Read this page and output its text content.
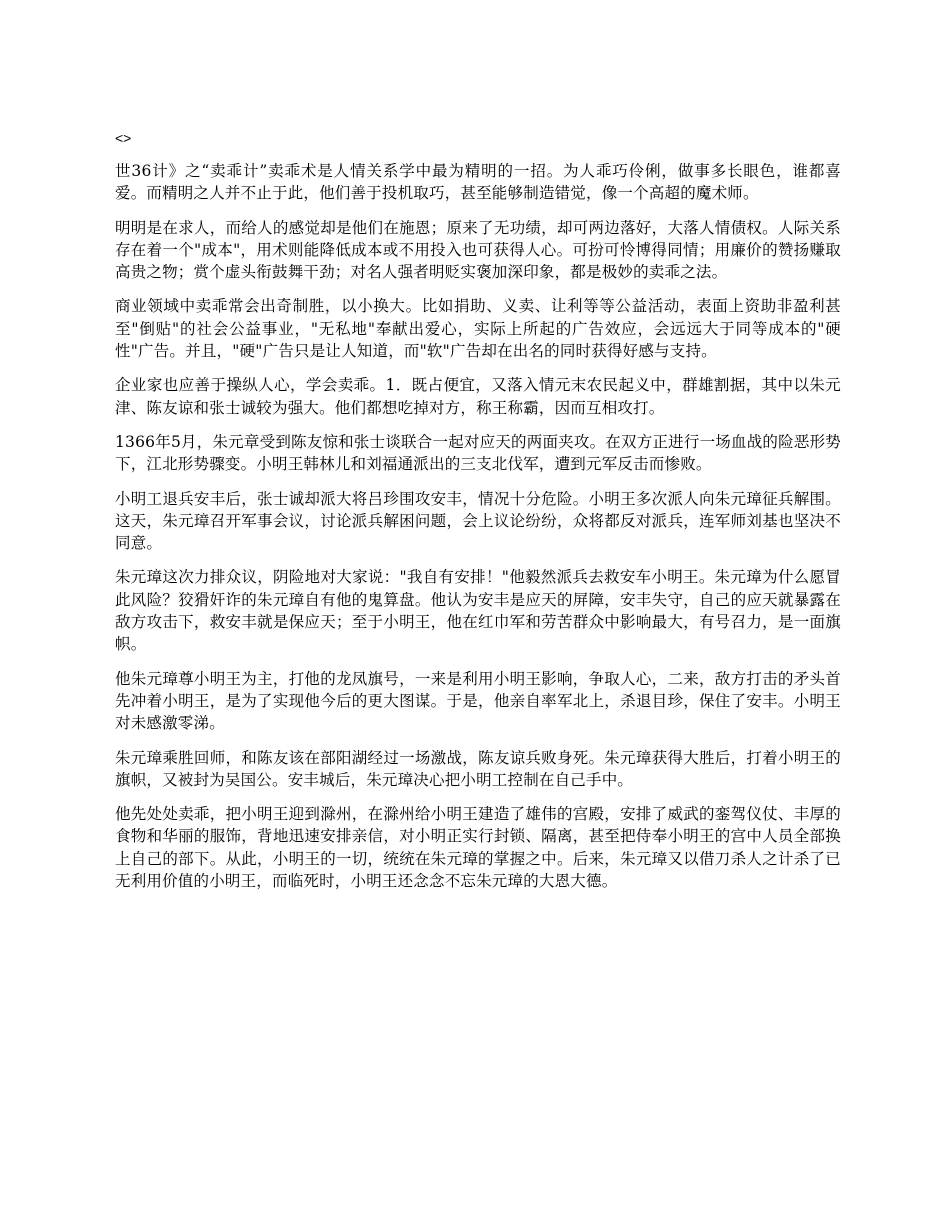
<>

世36计》之“卖乖计”卖乖术是人情关系学中最为精明的一招。为人乖巧伶俐，做事多长眼色，谁都喜爱。而精明之人并不止于此，他们善于投机取巧，甚至能够制造错觉，像一个高超的魔术师。

明明是在求人，而给人的感觉却是他们在施恩；原来了无功绩，却可两边落好，大落人情债权。人际关系存在着一个"成本"，用术则能降低成本或不用投入也可获得人心。可扮可怜博得同情；用廉价的赞扬赚取高贵之物；赏个虚头衔鼓舞干劲；对名人强者明贬实褒加深印象，都是极妙的卖乖之法。

商业领域中卖乖常会出奇制胜，以小换大。比如捐助、义卖、让利等等公益活动，表面上资助非盈利甚至"倒贴"的社会公益事业，"无私地"奉献出爱心，实际上所起的广告效应，会远远大于同等成本的"硬性"广告。并且，"硬"广告只是让人知道，而"软"广告却在出名的同时获得好感与支持。

企业家也应善于操纵人心，学会卖乖。1．既占便宜，又落入情元末农民起义中，群雄割据，其中以朱元津、陈友谅和张士诚较为强大。他们都想吃掉对方，称王称霸，因而互相攻打。

1366年5月，朱元章受到陈友惊和张士谈联合一起对应天的两面夹攻。在双方正进行一场血战的险恶形势下，江北形势骤变。小明王韩林儿和刘福通派出的三支北伐军，遭到元军反击而惨败。

小明工退兵安丰后，张士诚却派大将吕珍围攻安丰，情况十分危险。小明王多次派人向朱元璋征兵解围。这天，朱元璋召开军事会议，讨论派兵解困问题，会上议论纷纷，众将都反对派兵，连军师刘基也坚决不同意。

朱元璋这次力排众议，阴险地对大家说："我自有安排！"他毅然派兵去救安车小明王。朱元璋为什么愿冒此风险？狡猾奸诈的朱元璋自有他的鬼算盘。他认为安丰是应天的屏障，安丰失守，自己的应天就暴露在敌方攻击下，救安丰就是保应天；至于小明王，他在红巾军和劳苦群众中影响最大，有号召力，是一面旗帜。

他朱元璋尊小明王为主，打他的龙凤旗号，一来是利用小明王影响，争取人心，二来，敌方打击的矛头首先冲着小明王，是为了实现他今后的更大图谋。于是，他亲自率军北上，杀退目珍，保住了安丰。小明王对未感激零涕。

朱元璋乘胜回师，和陈友该在部阳湖经过一场激战，陈友谅兵败身死。朱元璋获得大胜后，打着小明王的旗帜，又被封为吴国公。安丰城后，朱元璋决心把小明工控制在自己手中。

他先处处卖乖，把小明王迎到滁州，在滁州给小明王建造了雄伟的宫殿，安排了威武的銮驾仪仗、丰厚的食物和华丽的服饰，背地迅速安排亲信，对小明正实行封锁、隔离，甚至把侍奉小明王的宫中人员全部换上自己的部下。从此，小明王的一切，统统在朱元璋的掌握之中。后来，朱元璋又以借刀杀人之计杀了已无利用价值的小明王，而临死时，小明王还念念不忘朱元璋的大恩大德。
